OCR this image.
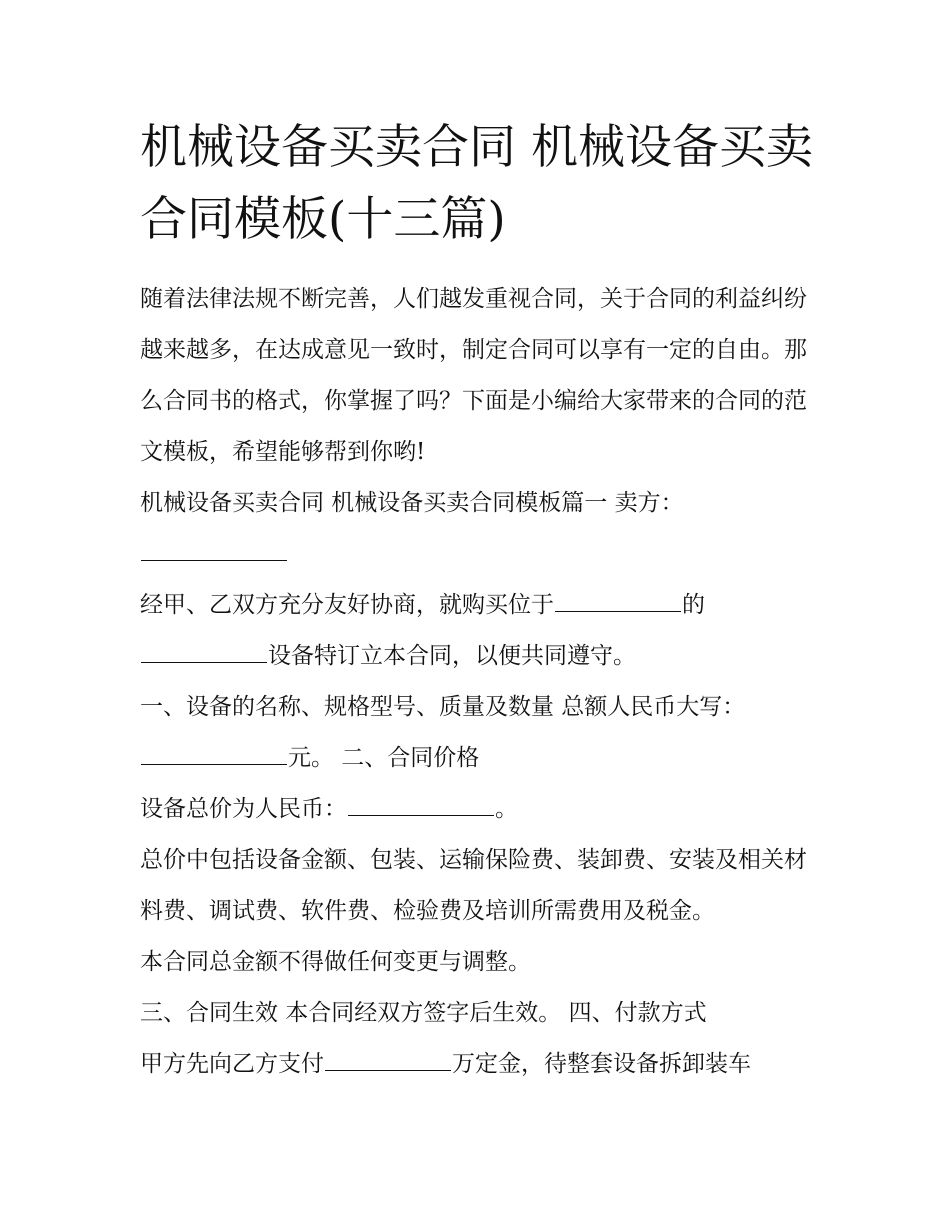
机械设备买卖合同 机械设备买卖合同模板(十三篇)

随着法律法规不断完善，人们越发重视合同，关于合同的利益纠纷越来越多，在达成意见一致时，制定合同可以享有一定的自由。那么合同书的格式，你掌握了吗？下面是小编给大家带来的合同的范文模板，希望能够帮到你哟!

机械设备买卖合同 机械设备买卖合同模板篇一 卖方：

经甲、乙双方充分友好协商，就购买位于	的
设备特订立本合同，以便共同遵守。

一、设备的名称、规格型号、质量及数量 总额人民币大写：
元。 二、合同价格

设备总价为人民币：	。

总价中包括设备金额、包装、运输保险费、装卸费、安装及相关材料费、调试费、软件费、检验费及培训所需费用及税金。

本合同总金额不得做任何变更与调整。

三、合同生效 本合同经双方签字后生效。 四、付款方式

甲方先向乙方支付	万定金，待整套设备拆卸装车
